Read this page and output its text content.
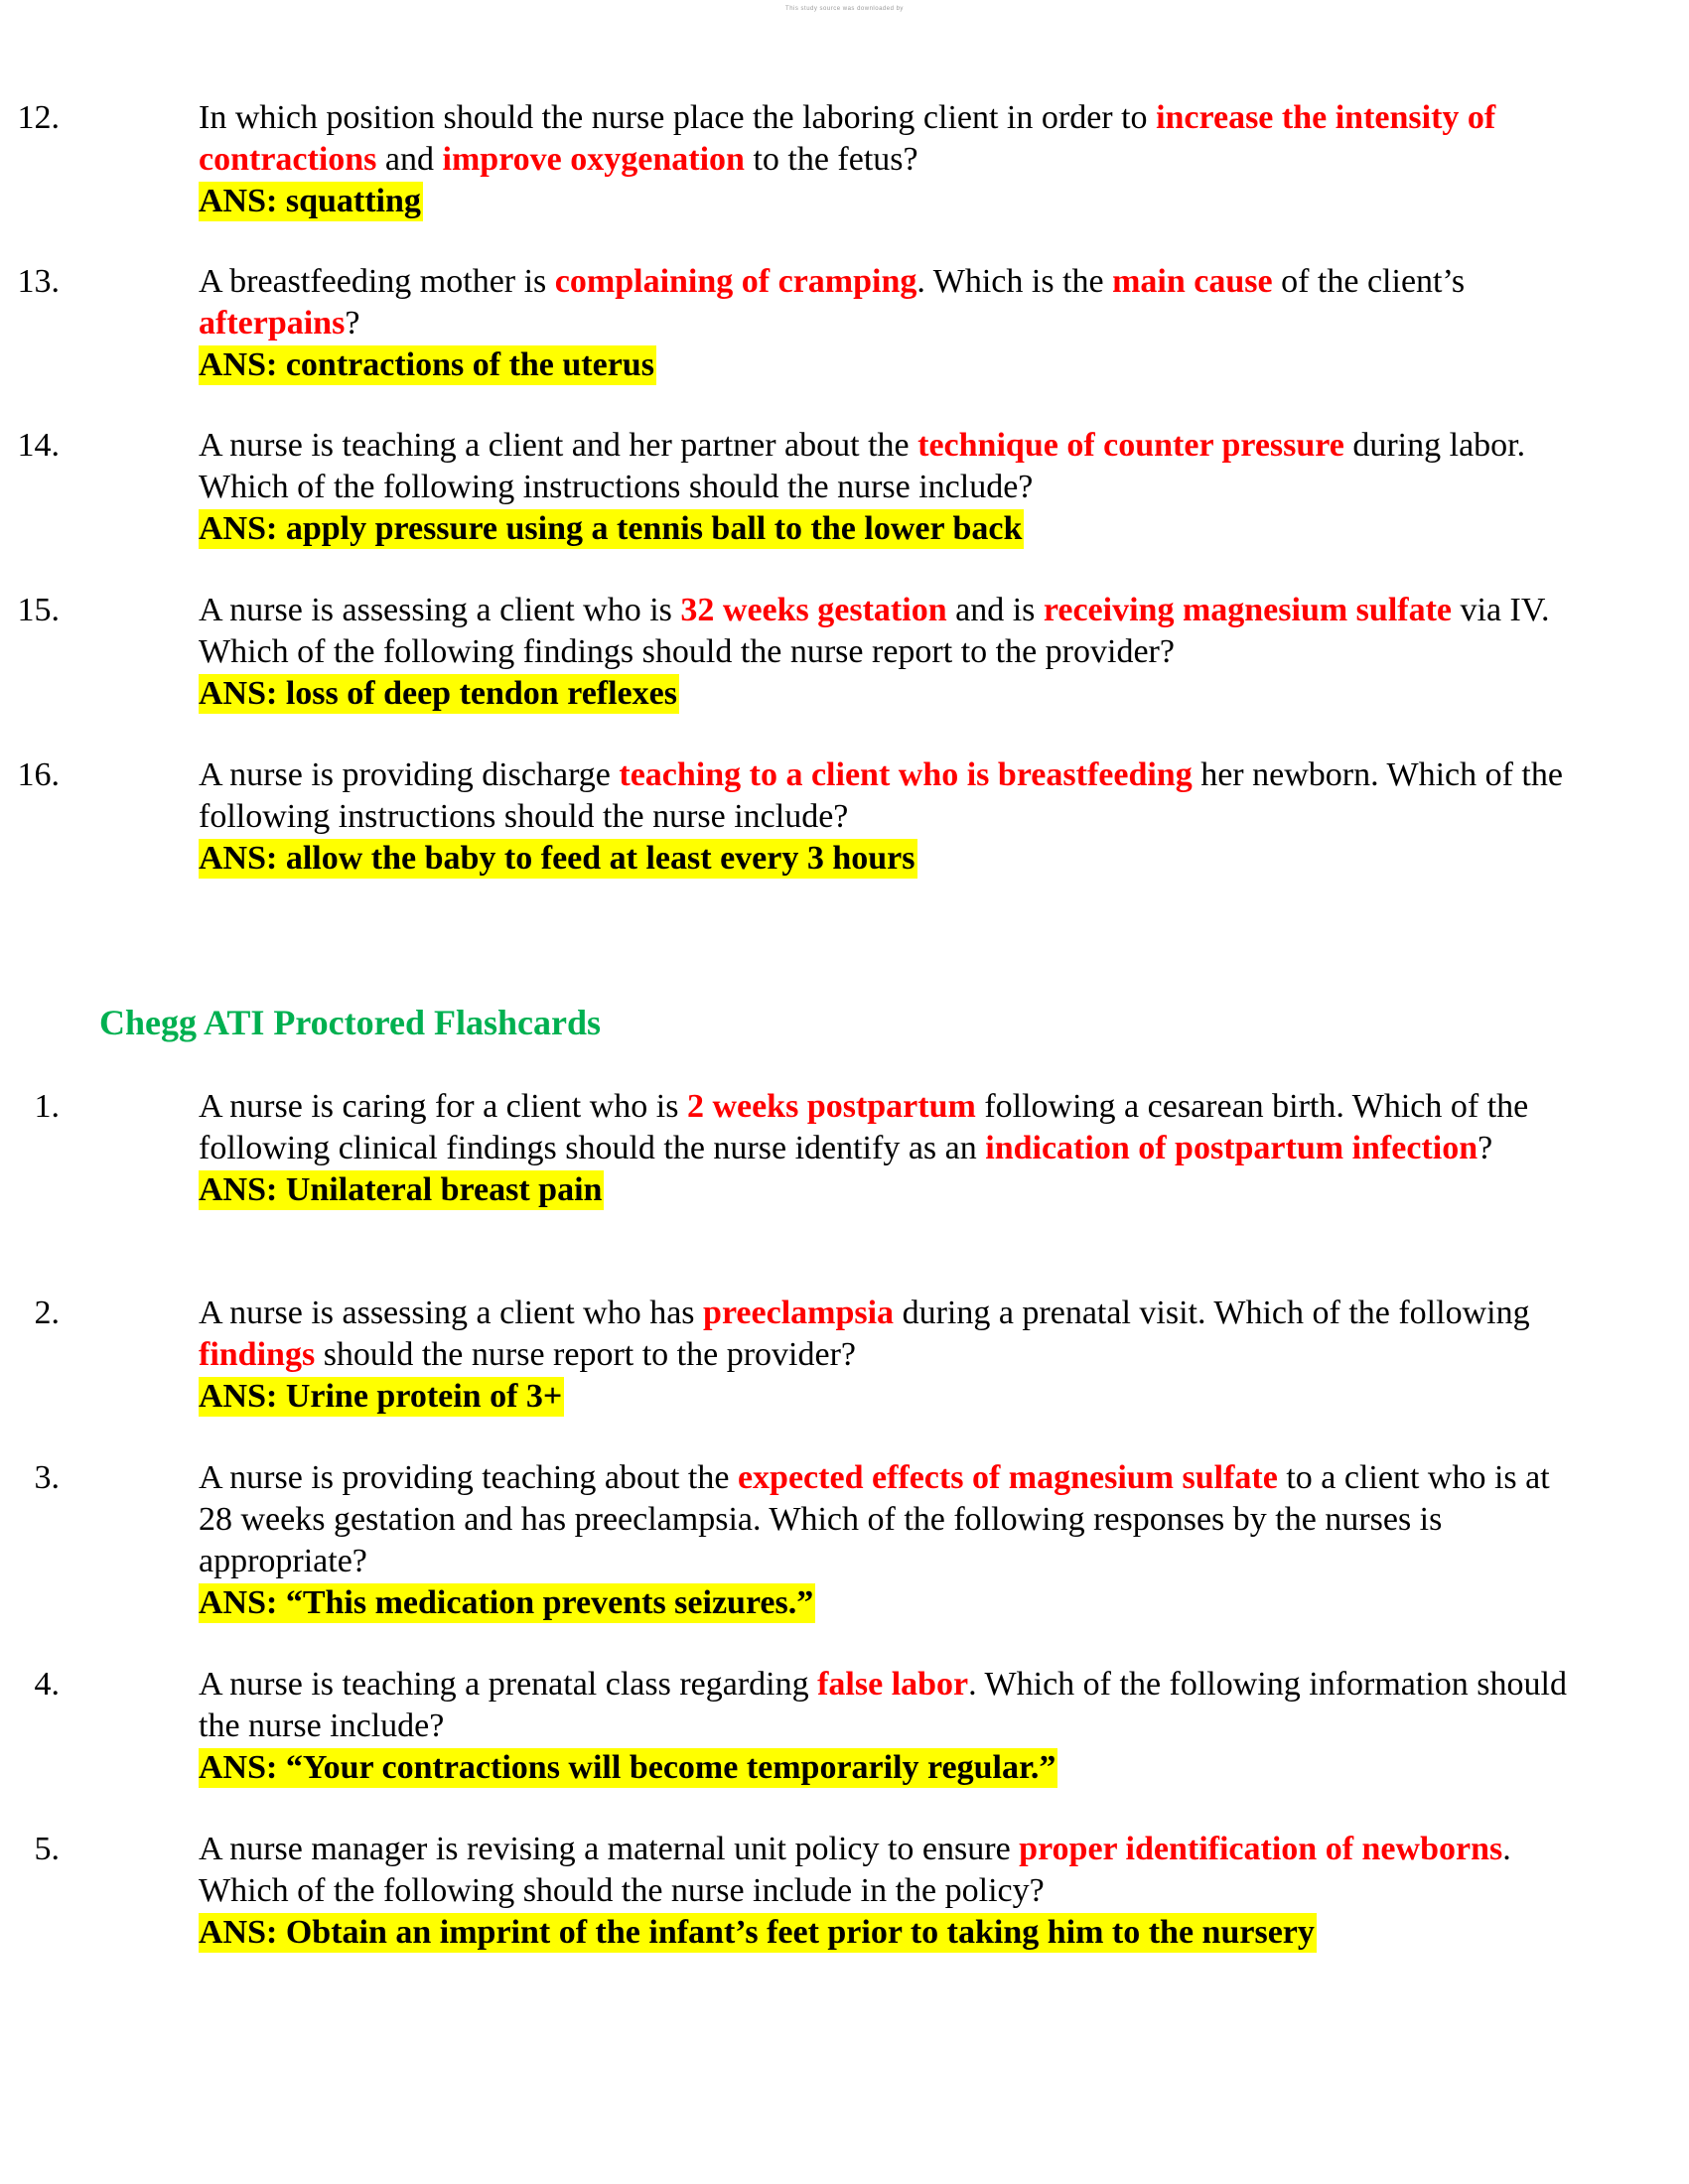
This study source was downloaded by
12.	In which position should the nurse place the laboring client in order to increase the intensity of contractions and improve oxygenation to the fetus?
ANS: squatting
13.	A breastfeeding mother is complaining of cramping. Which is the main cause of the client’s afterpains?
ANS: contractions of the uterus
14.	A nurse is teaching a client and her partner about the technique of counter pressure during labor. Which of the following instructions should the nurse include?
ANS: apply pressure using a tennis ball to the lower back
15.	A nurse is assessing a client who is 32 weeks gestation and is receiving magnesium sulfate via IV. Which of the following findings should the nurse report to the provider?
ANS: loss of deep tendon reflexes
16.	A nurse is providing discharge teaching to a client who is breastfeeding her newborn. Which of the following instructions should the nurse include?
ANS: allow the baby to feed at least every 3 hours
Chegg ATI Proctored Flashcards
1.	A nurse is caring for a client who is 2 weeks postpartum following a cesarean birth. Which of the following clinical findings should the nurse identify as an indication of postpartum infection?
ANS: Unilateral breast pain
2.	A nurse is assessing a client who has preeclampsia during a prenatal visit. Which of the following findings should the nurse report to the provider?
ANS: Urine protein of 3+
3.	A nurse is providing teaching about the expected effects of magnesium sulfate to a client who is at 28 weeks gestation and has preeclampsia. Which of the following responses by the nurses is appropriate?
ANS: “This medication prevents seizures.”
4.	A nurse is teaching a prenatal class regarding false labor. Which of the following information should the nurse include?
ANS: “Your contractions will become temporarily regular.”
5.	A nurse manager is revising a maternal unit policy to ensure proper identification of newborns. Which of the following should the nurse include in the policy?
ANS: Obtain an imprint of the infant’s feet prior to taking him to the nursery
